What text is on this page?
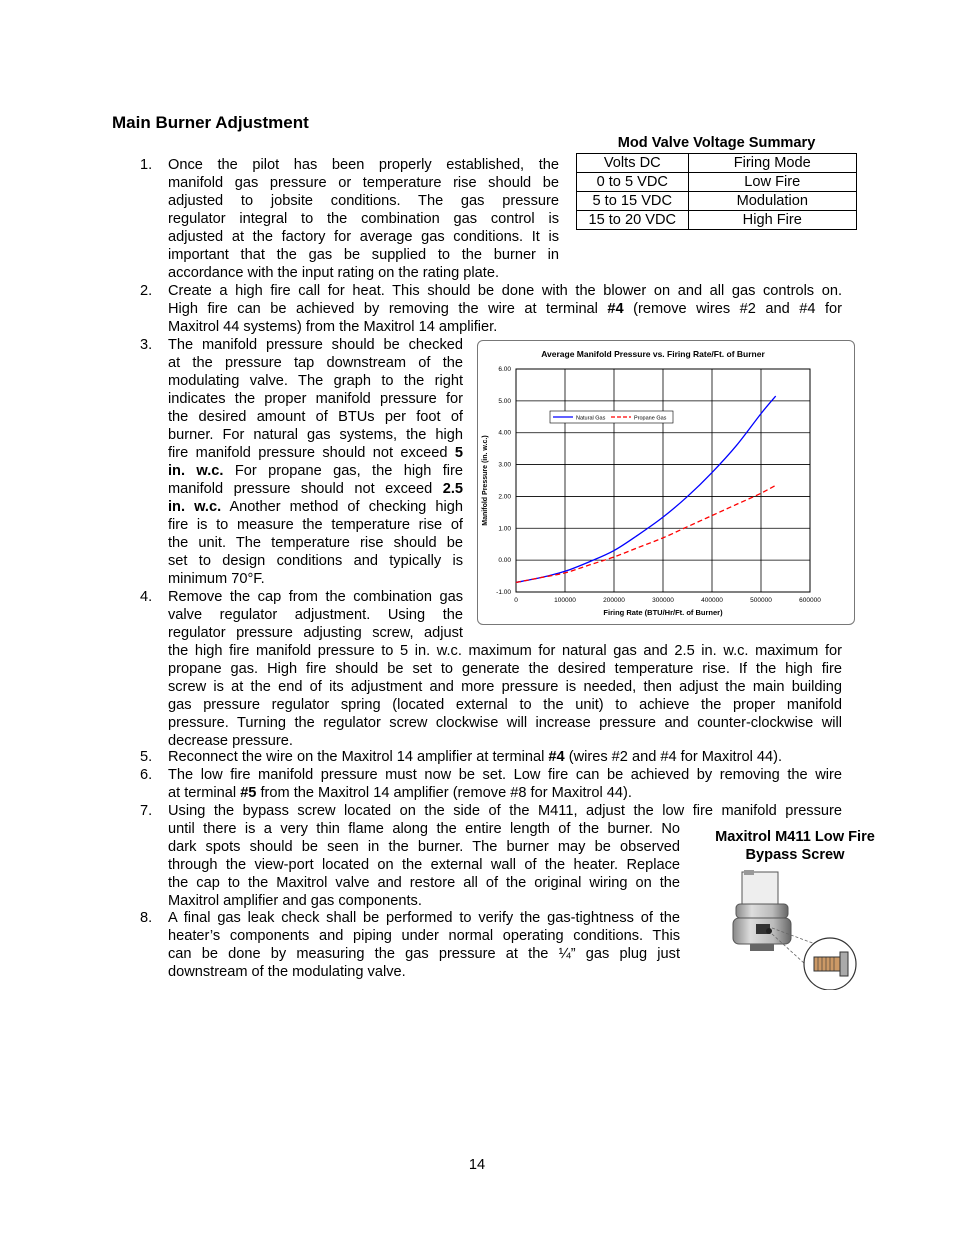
Main Burner Adjustment
Mod Valve Voltage Summary
Volts DC	Firing Mode
0 to 5 VDC	Low Fire
5 to 15 VDC	Modulation
15 to 20 VDC	High Fire
1. Once the pilot has been properly established, the
manifold gas pressure or temperature rise should be
adjusted to jobsite conditions. The gas pressure
regulator integral to the combination gas control is
adjusted at the factory for average gas conditions. It is
important that the gas be supplied to the burner in
accordance with the input rating on the rating plate.
2. Create a high fire call for heat. This should be done with the blower on and all gas controls on.
High fire can be achieved by removing the wire at terminal #4 (remove wires #2 and #4 for
Maxitrol 44 systems) from the Maxitrol 14 amplifier.
3. The manifold pressure should be checked
at the pressure tap downstream of the
modulating valve. The graph to the right
indicates the proper manifold pressure for
the desired amount of BTUs per foot of
burner. For natural gas systems, the high
fire manifold pressure should not exceed 5
in. w.c. For propane gas, the high fire
manifold pressure should not exceed 2.5
in. w.c. Another method of checking high
fire is to measure the temperature rise of
the unit. The temperature rise should be
set to design conditions and typically is
minimum 70°F.
4. Remove the cap from the combination gas
valve regulator adjustment. Using the
regulator pressure adjusting screw, adjust
the high fire manifold pressure to 5 in. w.c. maximum for natural gas and 2.5 in. w.c. maximum for
propane gas. High fire should be set to generate the desired temperature rise. If the high fire
screw is at the end of its adjustment and more pressure is needed, then adjust the main building
gas pressure regulator spring (located external to the unit) to achieve the proper manifold
pressure. Turning the regulator screw clockwise will increase pressure and counter-clockwise will
decrease pressure.
5. Reconnect the wire on the Maxitrol 14 amplifier at terminal #4 (wires #2 and #4 for Maxitrol 44).
6. The low fire manifold pressure must now be set. Low fire can be achieved by removing the wire
at terminal #5 from the Maxitrol 14 amplifier (remove #8 for Maxitrol 44).
7. Using the bypass screw located on the side of the M411, adjust the low fire manifold pressure
until there is a very thin flame along the entire length of the burner. No
dark spots should be seen in the burner. The burner may be observed
through the view-port located on the external wall of the heater. Replace
the cap to the Maxitrol valve and restore all of the original wiring on the
Maxitrol amplifier and gas components.
8. A final gas leak check shall be performed to verify the gas-tightness of the
heater’s components and piping under normal operating conditions. This
can be done by measuring the gas pressure at the ¼” gas plug just
downstream of the modulating valve.
-1.00
0.00
1.00
2.00
3.00
4.00
5.00
6.00
0	100000	200000	300000	400000	500000	600000
Average Manifold Pressure vs. Firing Rate/Ft. of Burner
Firing Rate (BTU/Hr/Ft. of Burner)
Manifold Pressure (in. w.c.)
Natural Gas	Propane Gas
Maxitrol M411 Low Fire
Bypass Screw
14
